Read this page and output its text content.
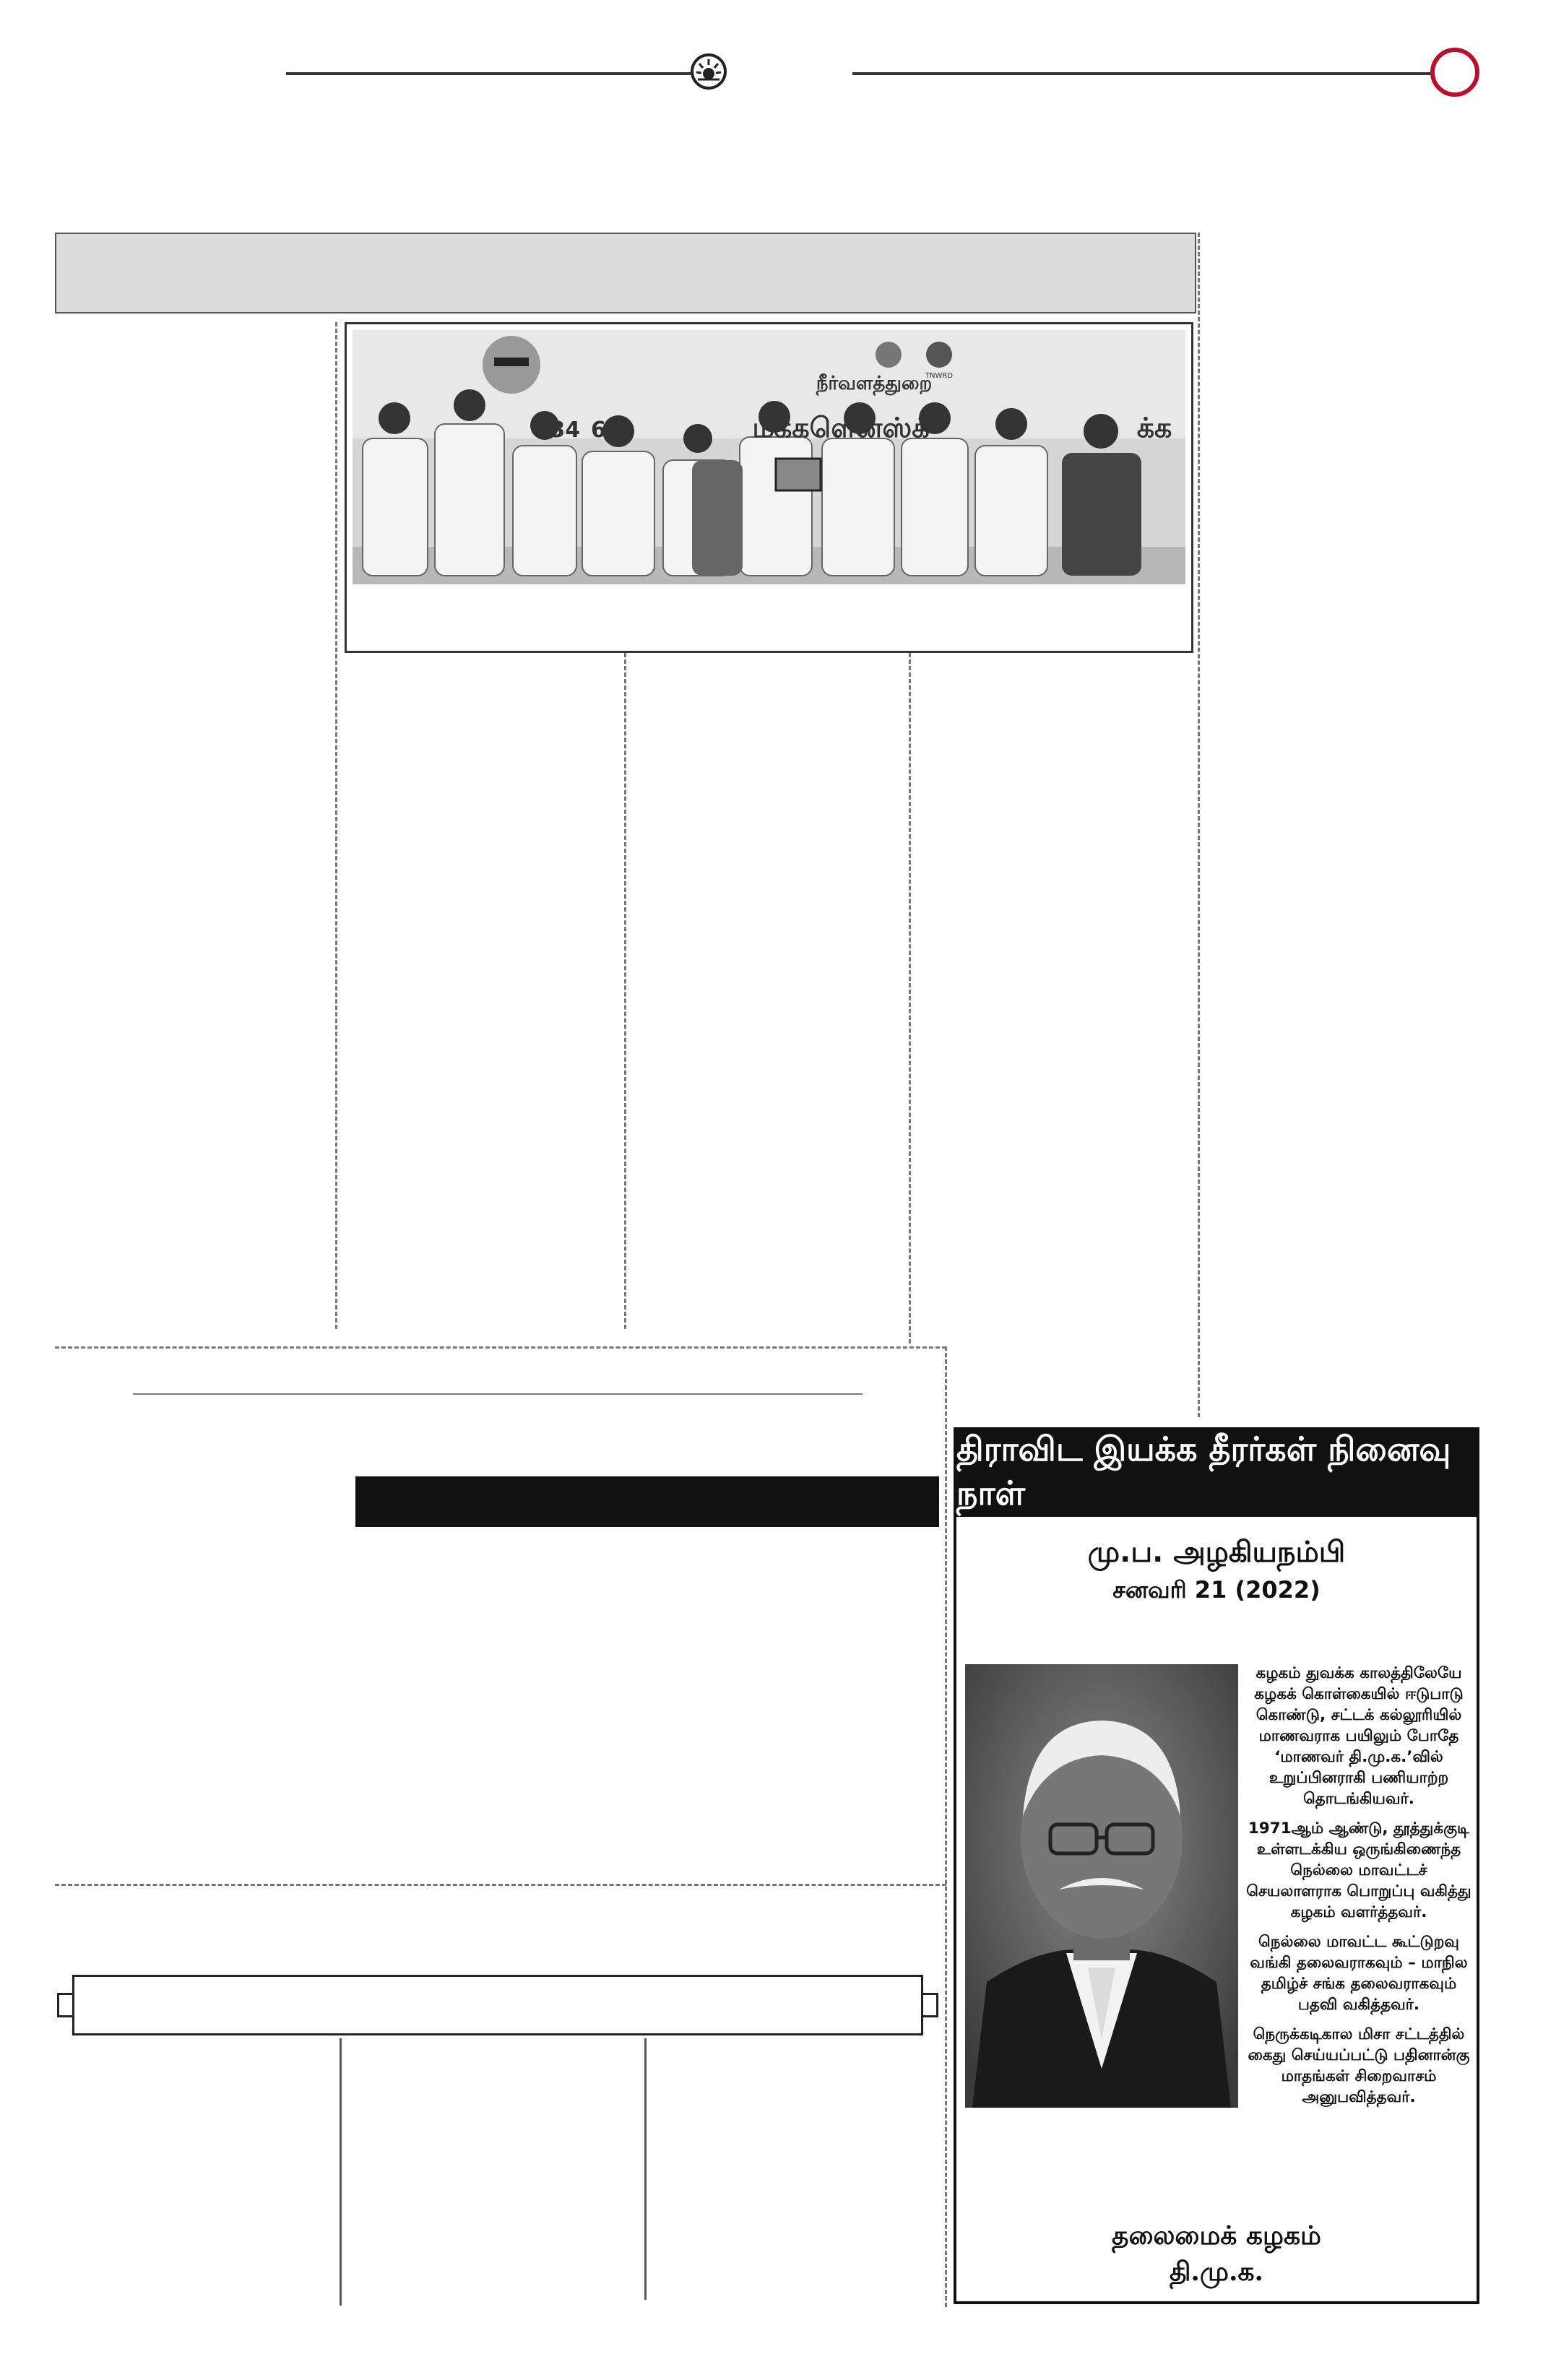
நீர்வளத்துறை
TNWRD
.34 60	மக்களென்ஸ்க்	க்க
திராவிட இயக்க தீரர்கள் நினைவு நாள்
மு.ப. அழகியநம்பி
சனவரி 21 (2022)

கழகம் துவக்க காலத்திலேயே கழகக் கொள்கையில் ஈடுபாடு கொண்டு, சட்டக் கல்லூரியில் மாணவராக பயிலும் போதே ‘மாணவர் தி.மு.க.’வில் உறுப்பினராகி பணியாற்ற தொடங்கியவர்.

1971ஆம் ஆண்டு, தூத்துக்குடி உள்ளடக்கிய ஒருங்கிணைந்த நெல்லை மாவட்டச் செயலாளராக பொறுப்பு வகித்து கழகம் வளர்த்தவர்.

நெல்லை மாவட்ட கூட்டுறவு வங்கி தலைவராகவும் – மாநில தமிழ்ச் சங்க தலைவராகவும் பதவி வகித்தவர்.

நெருக்கடிகால மிசா சட்டத்தில் கைது செய்யப்பட்டு பதினான்கு மாதங்கள் சிறைவாசம் அனுபவித்தவர்.

தலைமைக் கழகம்
தி.மு.க.
